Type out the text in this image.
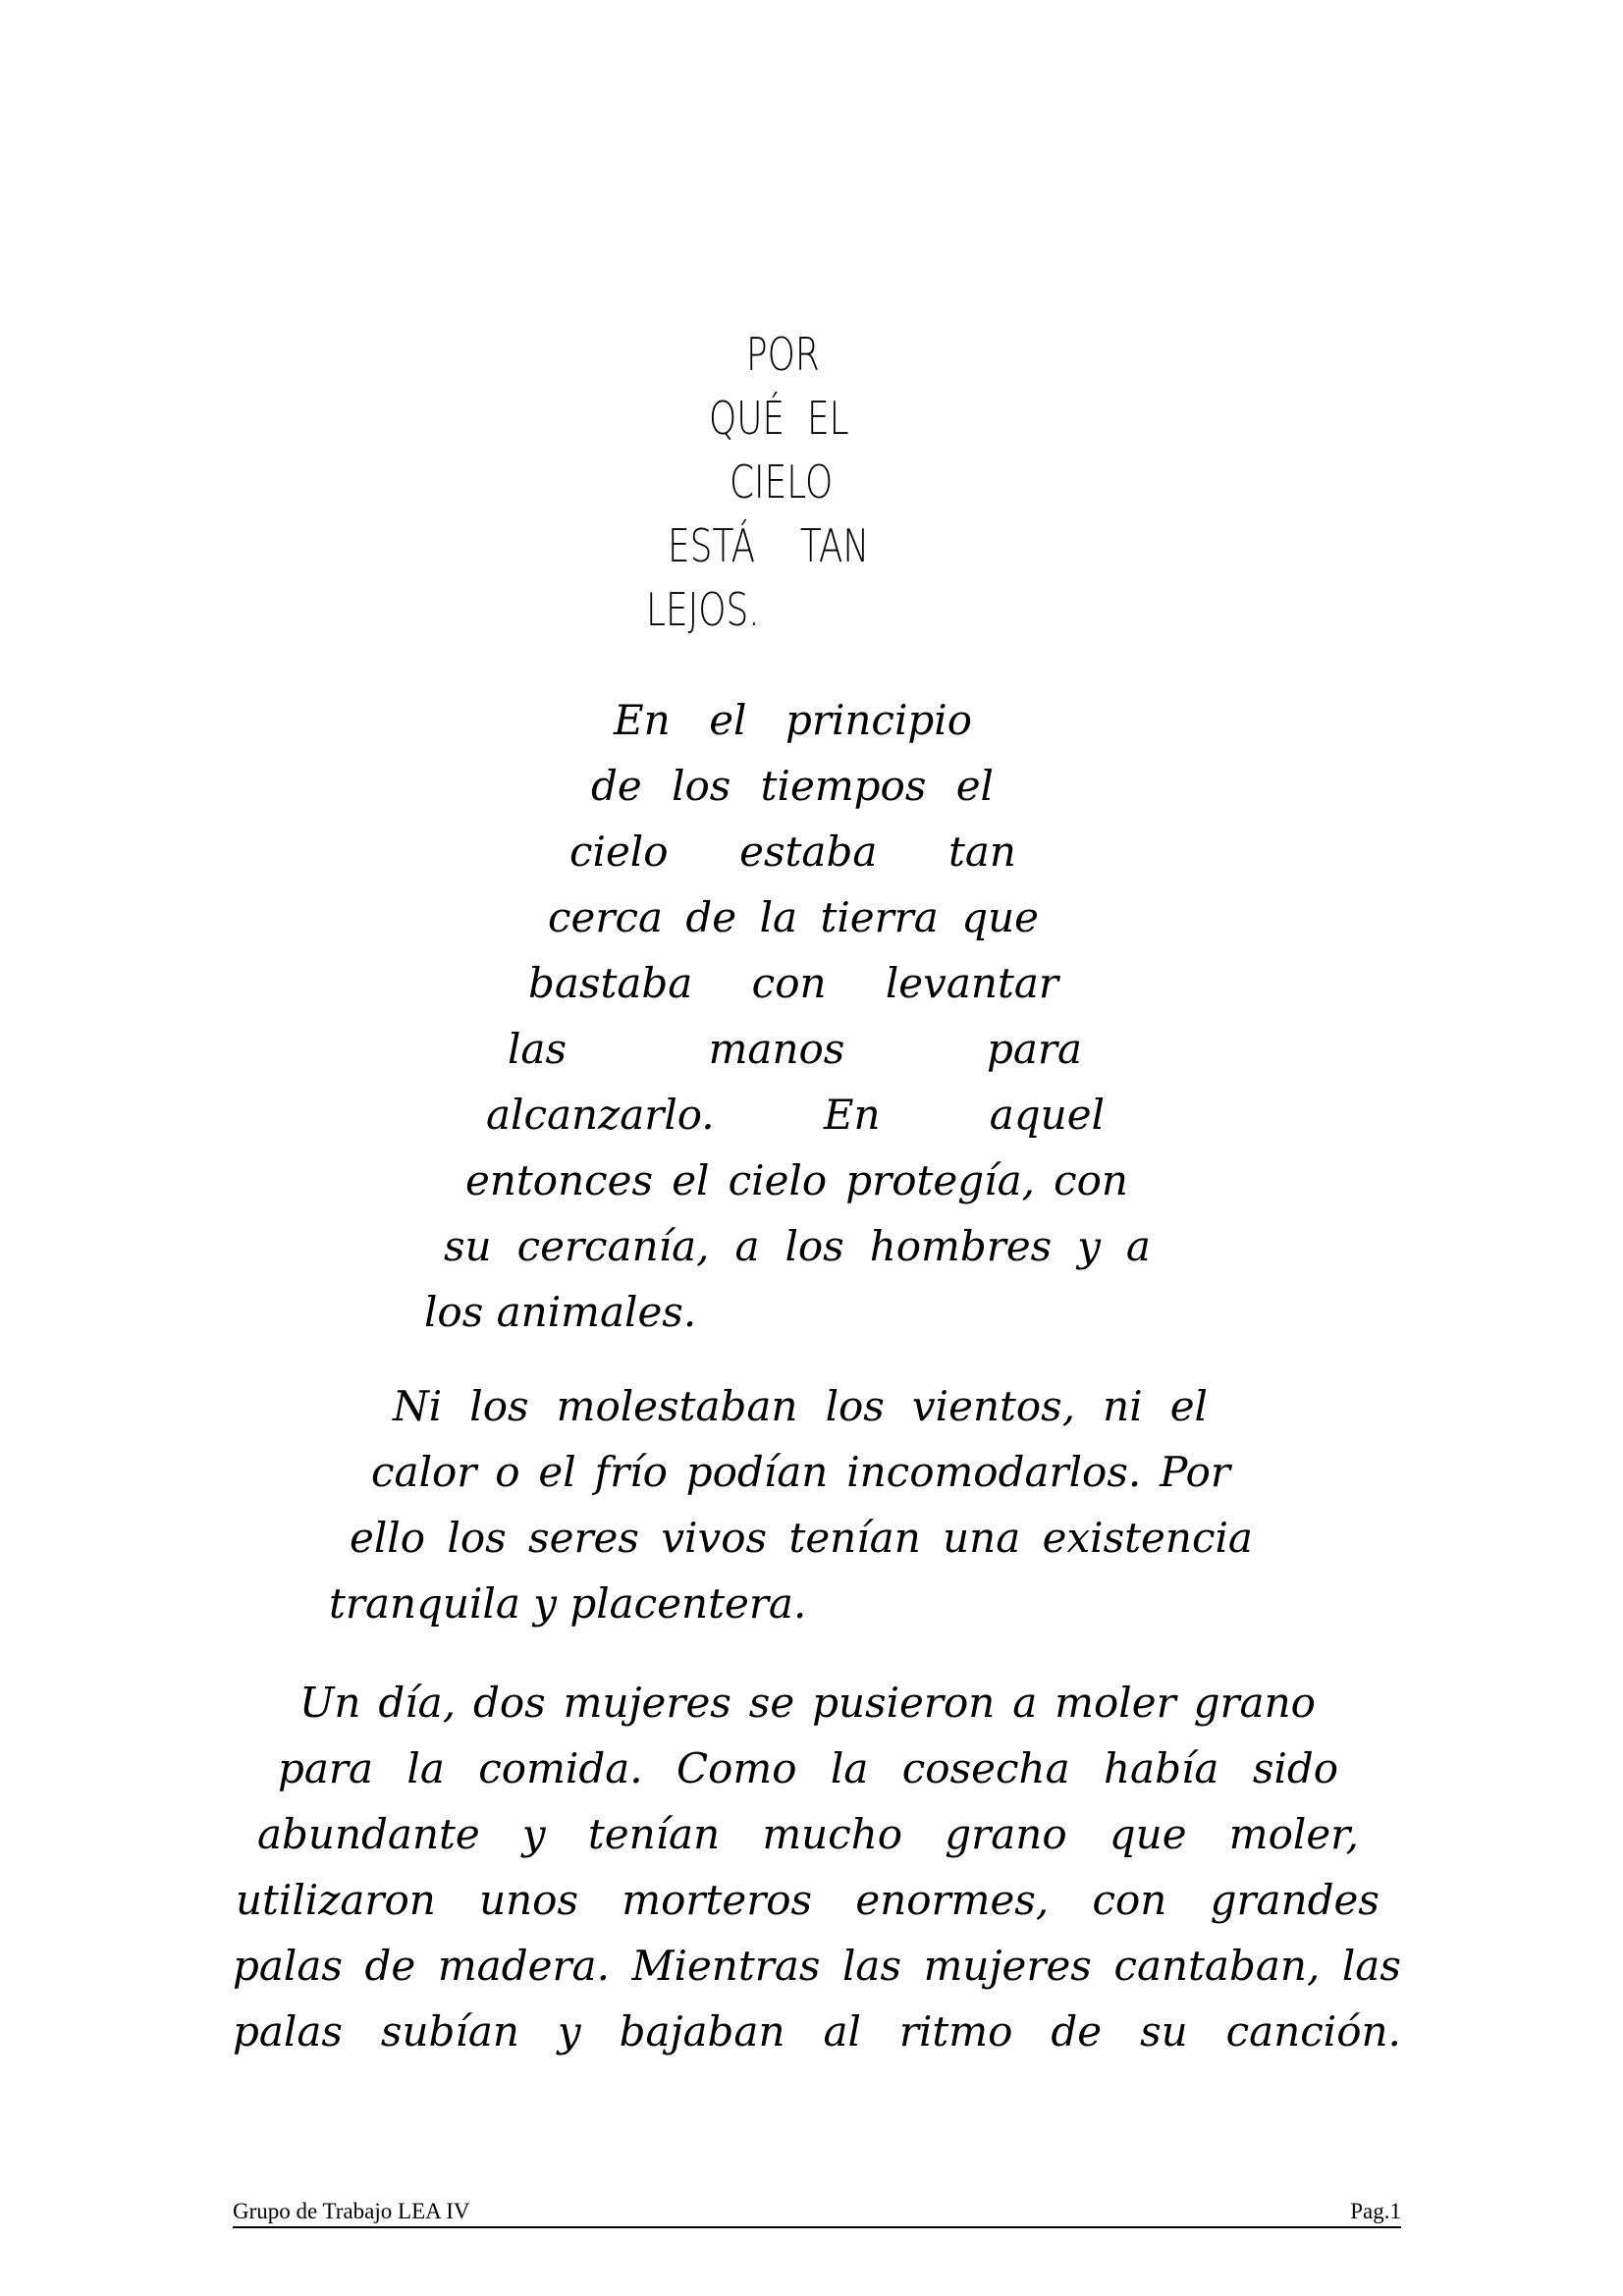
POR
QUÉ  EL
CIELO
ESTÁ    TAN
LEJOS.
En el principio
de los tiempos el
cielo estaba tan
cerca de la tierra que
bastaba con levantar
las	manos	para
alcanzarlo.	En	aquel
entonces el cielo protegía, con
su cercanía, a los hombres y a
los animales.
Ni los molestaban los vientos, ni el
calor o el frío podían incomodarlos. Por
ello los seres vivos tenían una existencia
tranquila y placentera.
Un día, dos mujeres se pusieron a moler grano
para la comida. Como la cosecha había sido
abundante y tenían mucho grano que moler,
utilizaron unos morteros enormes, con grandes
palas de madera. Mientras las mujeres cantaban, las
palas subían y bajaban al ritmo de su canción.
Grupo de Trabajo LEA IV	Pag.1
